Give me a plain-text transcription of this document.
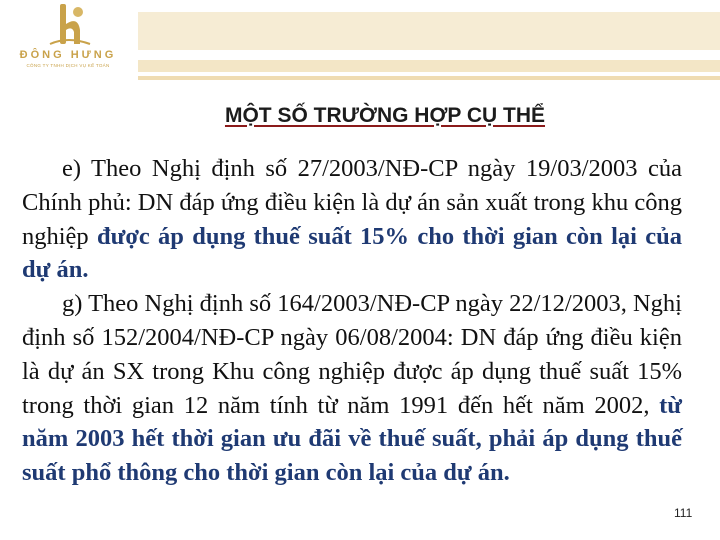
ĐÔNG HƯNG
CÔNG TY TNHH DỊCH VỤ KẾ TOÁN
MỘT SỐ TRƯỜNG HỢP CỤ THỂ

e) Theo Nghị định số 27/2003/NĐ-CP ngày 19/03/2003 của Chính phủ: DN đáp ứng điều kiện là dự án sản xuất trong khu công nghiệp được áp dụng thuế suất 15% cho thời gian còn lại của dự án.

g) Theo Nghị định số 164/2003/NĐ-CP ngày 22/12/2003, Nghị định số 152/2004/NĐ-CP ngày 06/08/2004: DN đáp ứng điều kiện là dự án SX trong Khu công nghiệp được áp dụng thuế suất 15% trong thời gian 12 năm tính từ năm 1991 đến hết năm 2002, từ năm 2003 hết thời gian ưu đãi về thuế suất, phải áp dụng thuế suất phổ thông cho thời gian còn lại của dự án.

111
